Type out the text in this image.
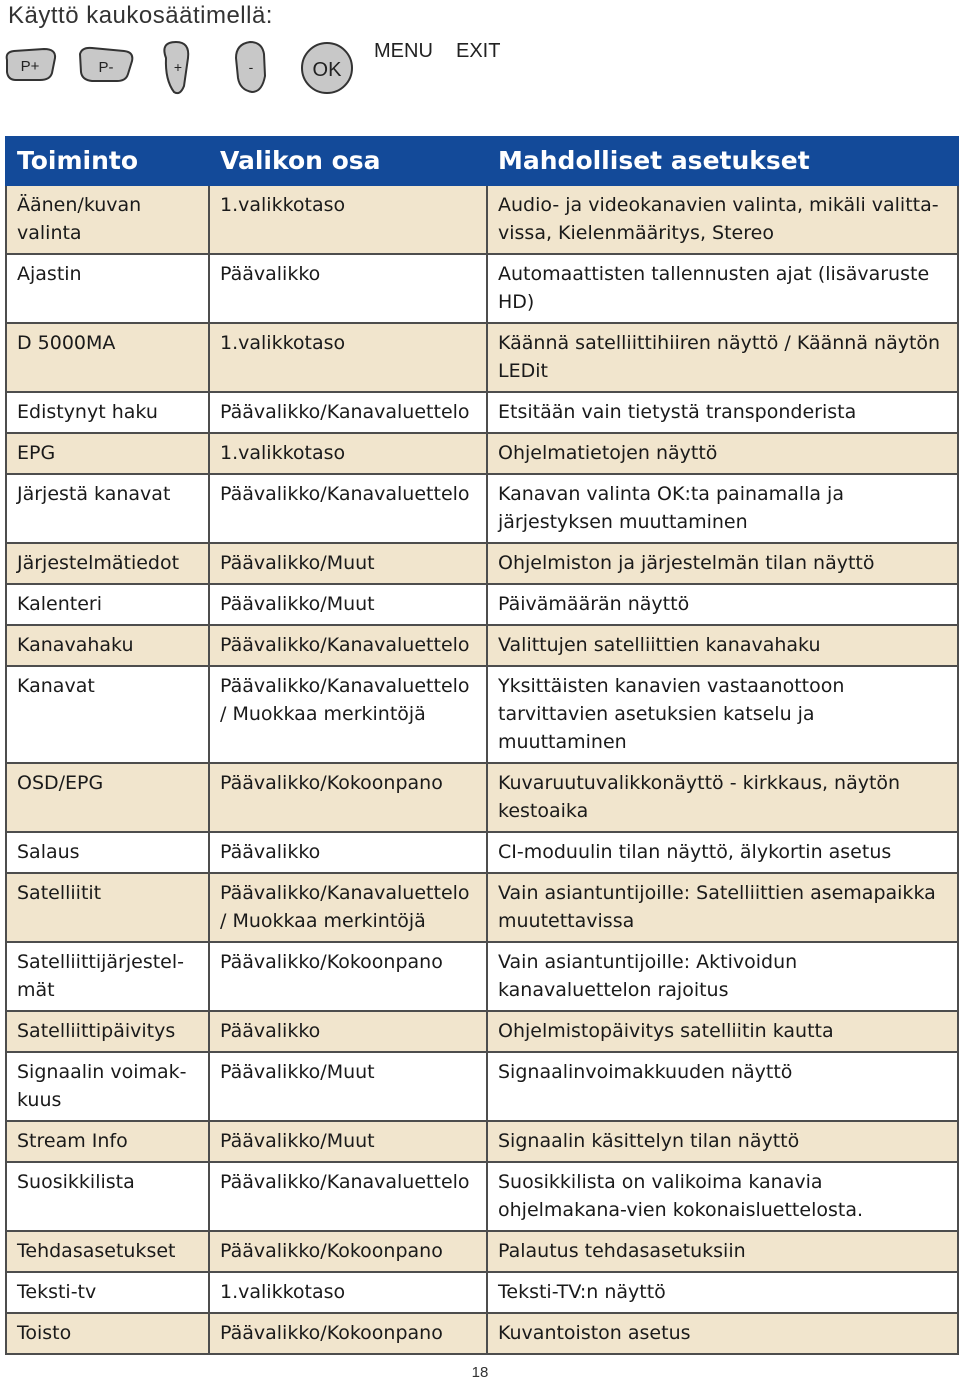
Käyttö kaukosäätimellä:
P+	P-	+	-	OK
MENU EXIT
Toiminto	Valikon osa	Mahdolliset asetukset
Äänen/kuvan valinta	1.valikkotaso	Audio- ja videokanavien valinta, mikäli valitta-vissa, Kielenmääritys, Stereo
Ajastin	Päävalikko	Automaattisten tallennusten ajat (lisävaruste HD)
D 5000MA	1.valikkotaso	Käännä satelliittihiiren näyttö / Käännä näytön LEDit
Edistynyt haku	Päävalikko/Kanavaluettelo	Etsitään vain tietystä transponderista
EPG	1.valikkotaso	Ohjelmatietojen näyttö
Järjestä kanavat	Päävalikko/Kanavaluettelo	Kanavan valinta OK:ta painamalla ja järjestyksen muuttaminen
Järjestelmätiedot	Päävalikko/Muut	Ohjelmiston ja järjestelmän tilan näyttö
Kalenteri	Päävalikko/Muut	Päivämäärän näyttö
Kanavahaku	Päävalikko/Kanavaluettelo	Valittujen satelliittien kanavahaku
Kanavat	Päävalikko/Kanavaluettelo / Muokkaa merkintöjä	Yksittäisten kanavien vastaanottoon tarvittavien asetuksien katselu ja muuttaminen
OSD/EPG	Päävalikko/Kokoonpano	Kuvaruutuvalikkonäyttö - kirkkaus, näytön kestoaika
Salaus	Päävalikko	CI-moduulin tilan näyttö, älykortin asetus
Satelliitit	Päävalikko/Kanavaluettelo / Muokkaa merkintöjä	Vain asiantuntijoille: Satelliittien asemapaikka muutettavissa
Satelliittijärjestel-mät	Päävalikko/Kokoonpano	Vain asiantuntijoille: Aktivoidun kanavaluettelon rajoitus
Satelliittipäivitys	Päävalikko	Ohjelmistopäivitys satelliitin kautta
Signaalin voimak-kuus	Päävalikko/Muut	Signaalinvoimakkuuden näyttö
Stream Info	Päävalikko/Muut	Signaalin käsittelyn tilan näyttö
Suosikkilista	Päävalikko/Kanavaluettelo	Suosikkilista on valikoima kanavia ohjelmakana-vien kokonaisluettelosta.
Tehdasasetukset	Päävalikko/Kokoonpano	Palautus tehdasasetuksiin
Teksti-tv	1.valikkotaso	Teksti-TV:n näyttö
Toisto	Päävalikko/Kokoonpano	Kuvantoiston asetus
18
